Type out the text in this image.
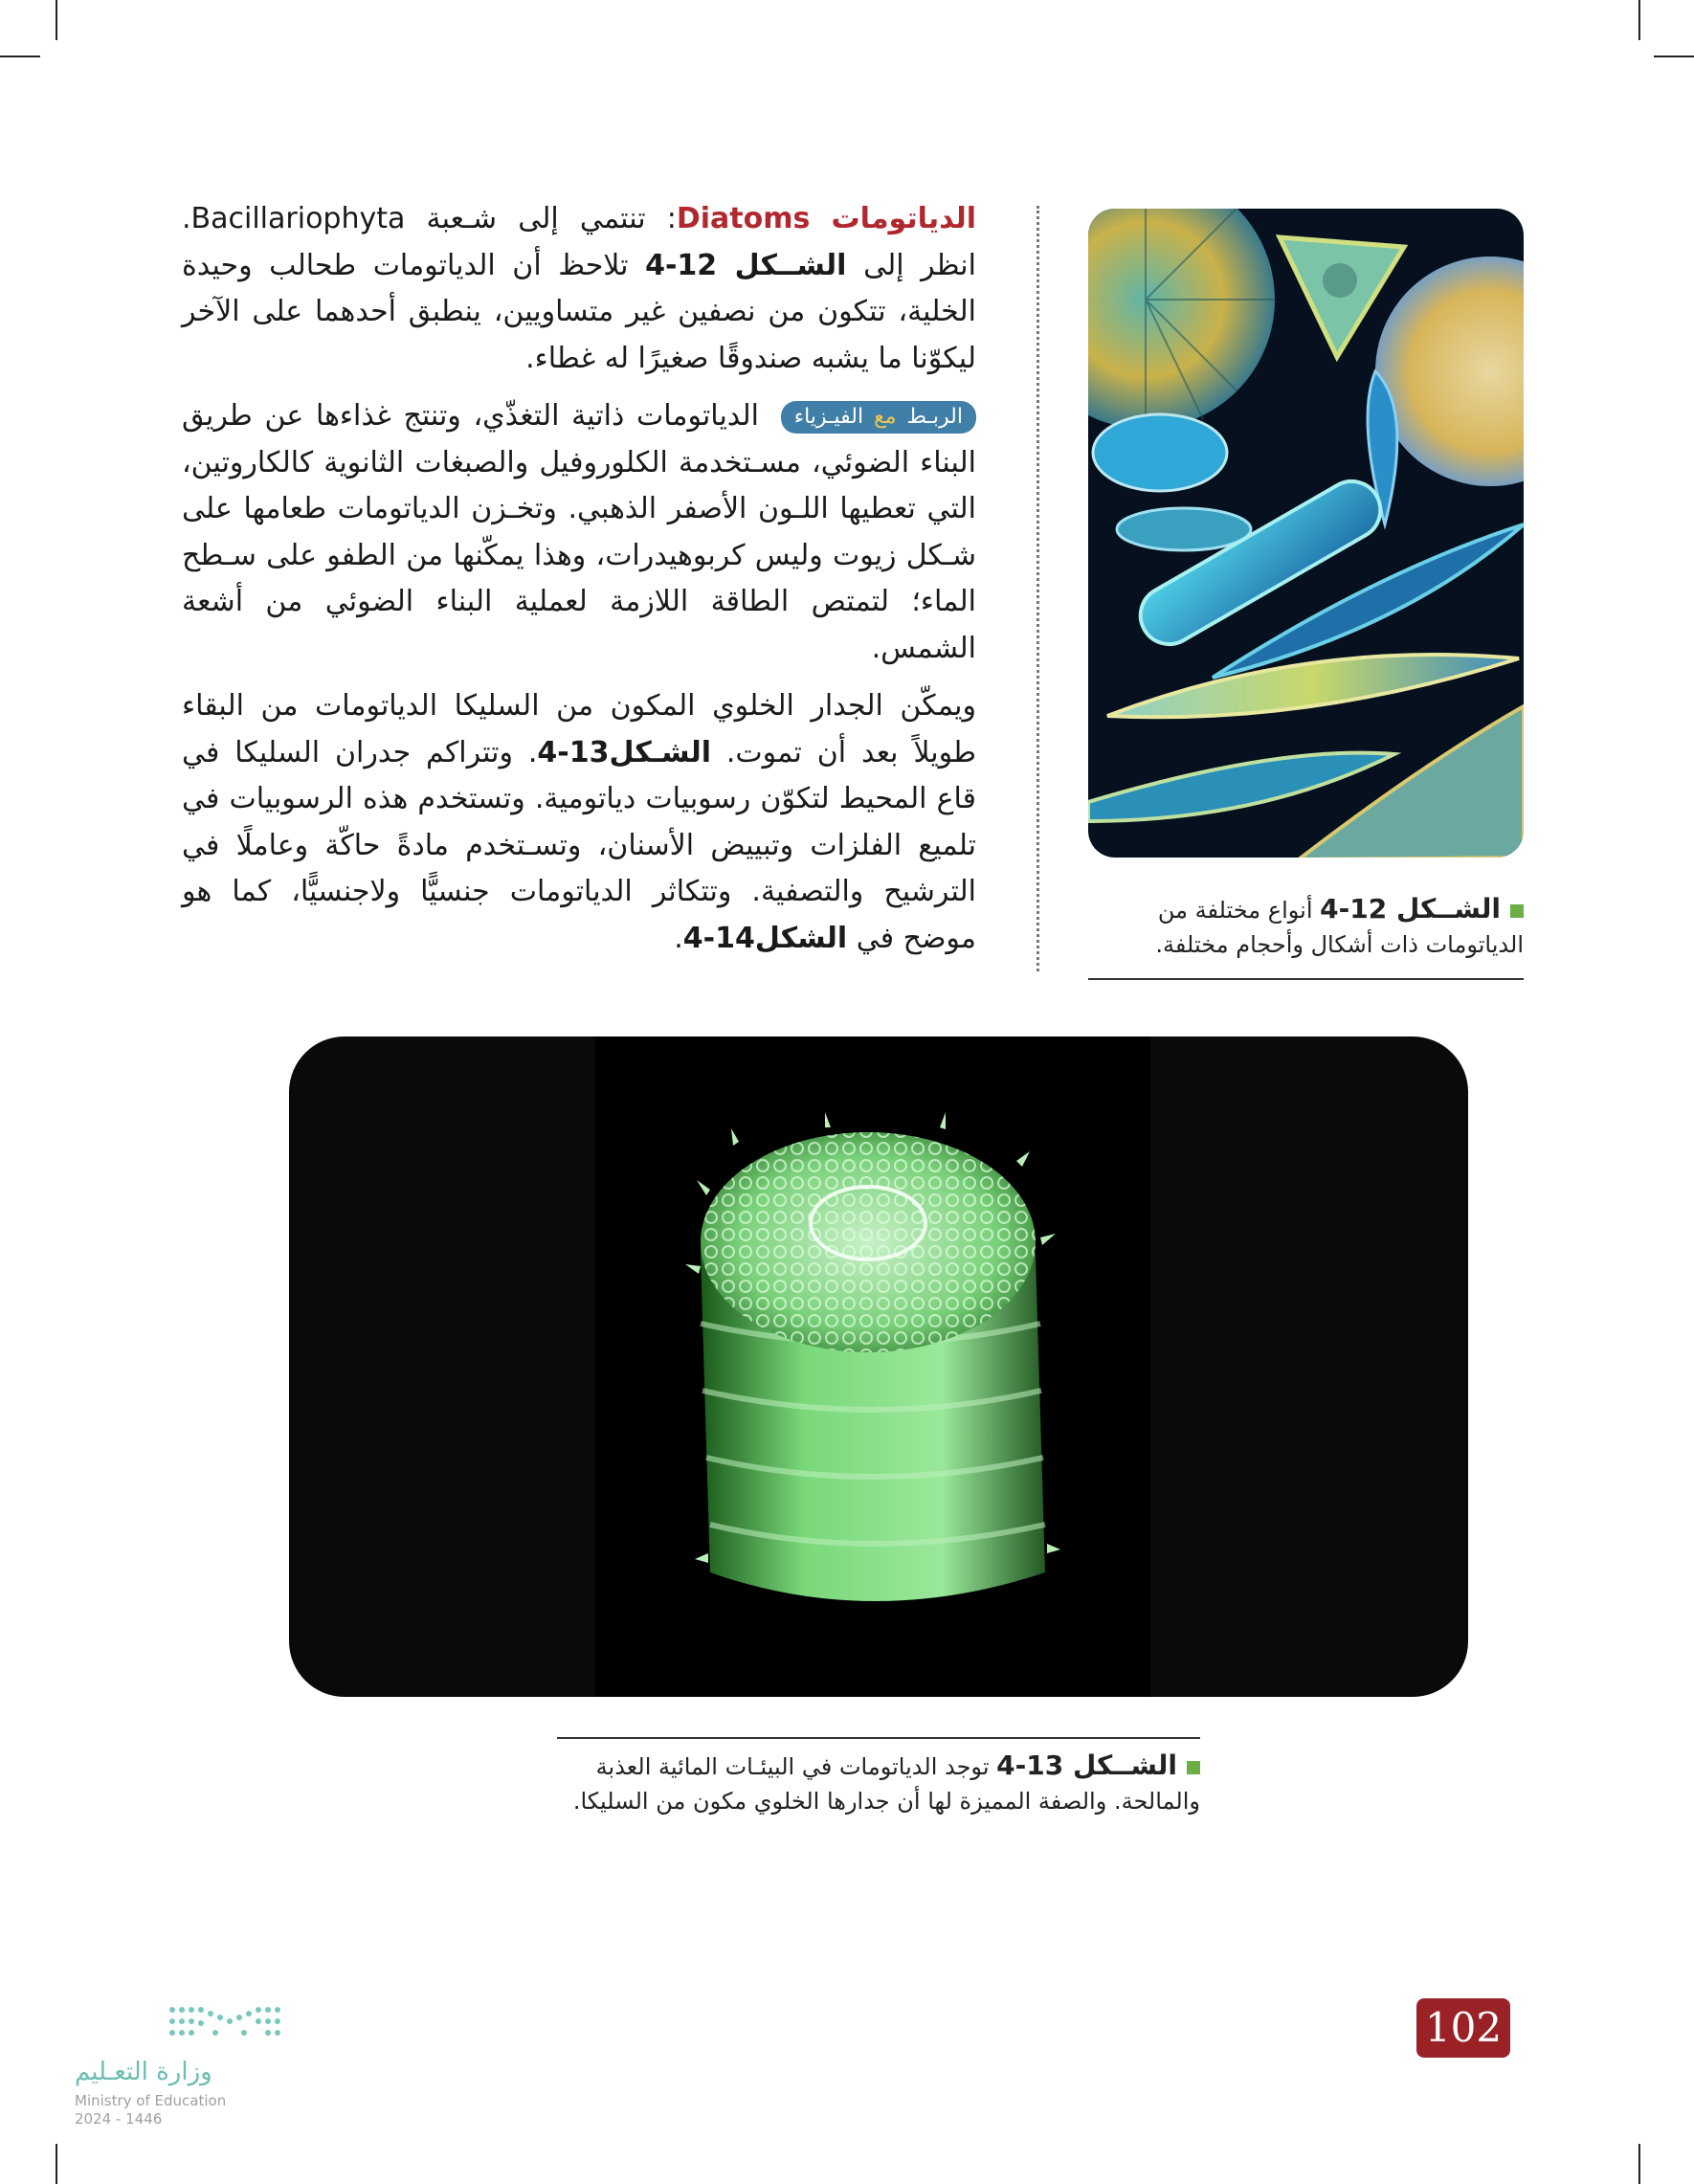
الدياتومات Diatoms: تنتمي إلى شـعبة Bacillariophyta. انظر إلى الشــكل 12-4 تلاحظ أن الدياتومات طحالب وحيدة الخلية، تتكون من نصفين غير متساويين، ينطبق أحدهما على الآخر ليكوّنا ما يشبه صندوقًا صغيرًا له غطاء.

الربـط مع الفيـزياء الدياتومات ذاتية التغذّي، وتنتج غذاءها عن طريق البناء الضوئي، مسـتخدمة الكلوروفيل والصبغات الثانوية كالكاروتين، التي تعطيها اللـون الأصفر الذهبي. وتخـزن الدياتومات طعامها على شـكل زيوت وليس كربوهيدرات، وهذا يمكّنها من الطفو على سـطح الماء؛ لتمتص الطاقة اللازمة لعملية البناء الضوئي من أشعة الشمس.

ويمكّن الجدار الخلوي المكون من السليكا الدياتومات من البقاء طويلاً بعد أن تموت. الشـكل13-4. وتتراكم جدران السليكا في قاع المحيط لتكوّن رسوبيات دياتومية. وتستخدم هذه الرسوبيات في تلميع الفلزات وتبييض الأسنان، وتسـتخدم مادةً حاكّة وعاملًا في الترشيح والتصفية. وتتكاثر الدياتومات جنسيًّا ولاجنسيًّا، كما هو موضح في الشكل14-4.

الشــكل 12-4 أنواع مختلفة من الدياتومات ذات أشكال وأحجام مختلفة.
الشــكل 13-4 توجد الدياتومات في البيئـات المائية العذبة والمالحة. والصفة المميزة لها أن جدارها الخلوي مكون من السليكا.
102
وزارة التعـليم
Ministry of Education
2024 - 1446
